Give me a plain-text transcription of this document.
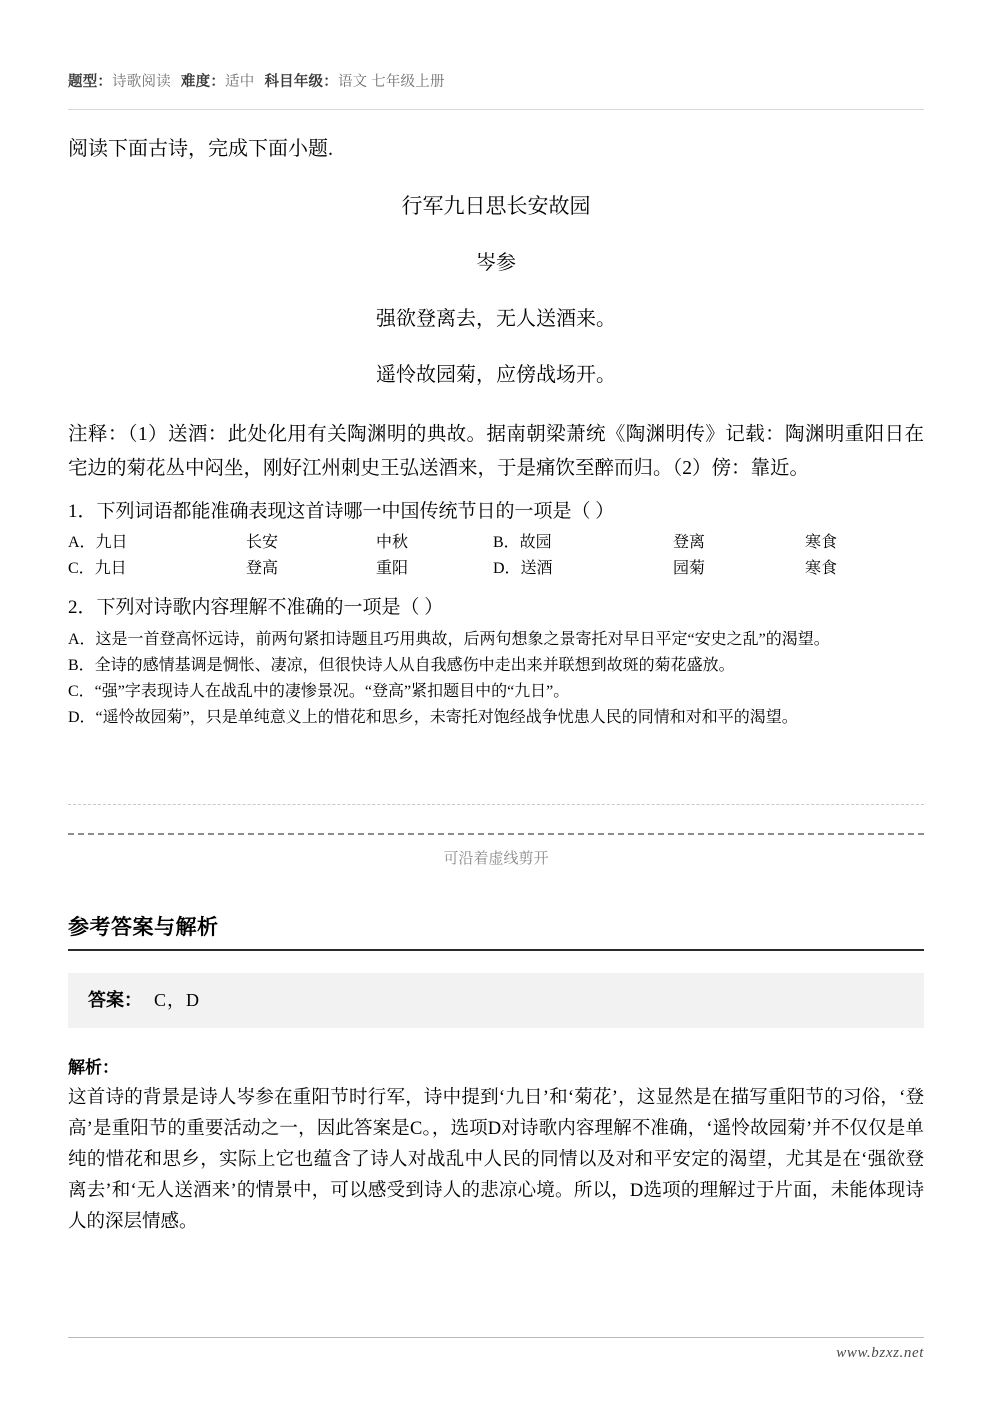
题型：诗歌阅读 难度：适中 科目年级：语文 七年级上册
阅读下面古诗，完成下面小题.
行军九日思长安故园
岑参
强欲登离去，无人送酒来。
遥怜故园菊，应傍战场开。
注释：（1）送酒：此处化用有关陶渊明的典故。据南朝梁萧统《陶渊明传》记载：陶渊明重阳日在宅边的菊花丛中闷坐，刚好江州刺史王弘送酒来，于是痛饮至醉而归。（2）傍：靠近。
1．下列词语都能准确表现这首诗哪一中国传统节日的一项是（ ）
A．九日	长安	中秋	B．故园	登离	寒食
C．九日	登高	重阳	D．送酒	园菊	寒食
2．下列对诗歌内容理解不准确的一项是（ ）
A．这是一首登高怀远诗，前两句紧扣诗题且巧用典故，后两句想象之景寄托对早日平定“安史之乱”的渴望。
B．全诗的感情基调是惆怅、凄凉，但很快诗人从自我感伤中走出来并联想到故斑的菊花盛放。
C．“强”字表现诗人在战乱中的凄惨景况。“登高”紧扣题目中的“九日”。
D．“遥怜故园菊”，只是单纯意义上的惜花和思乡，未寄托对饱经战争忧患人民的同情和对和平的渴望。
可沿着虚线剪开
参考答案与解析
答案： C，D
解析：
这首诗的背景是诗人岑参在重阳节时行军，诗中提到‘九日’和‘菊花’，这显然是在描写重阳节的习俗，‘登高’是重阳节的重要活动之一，因此答案是C。，选项D对诗歌内容理解不准确，‘遥怜故园菊’并不仅仅是单纯的惜花和思乡，实际上它也蕴含了诗人对战乱中人民的同情以及对和平安定的渴望，尤其是在‘强欲登离去’和‘无人送酒来’的情景中，可以感受到诗人的悲凉心境。所以，D选项的理解过于片面，未能体现诗人的深层情感。
www.bzxz.net
